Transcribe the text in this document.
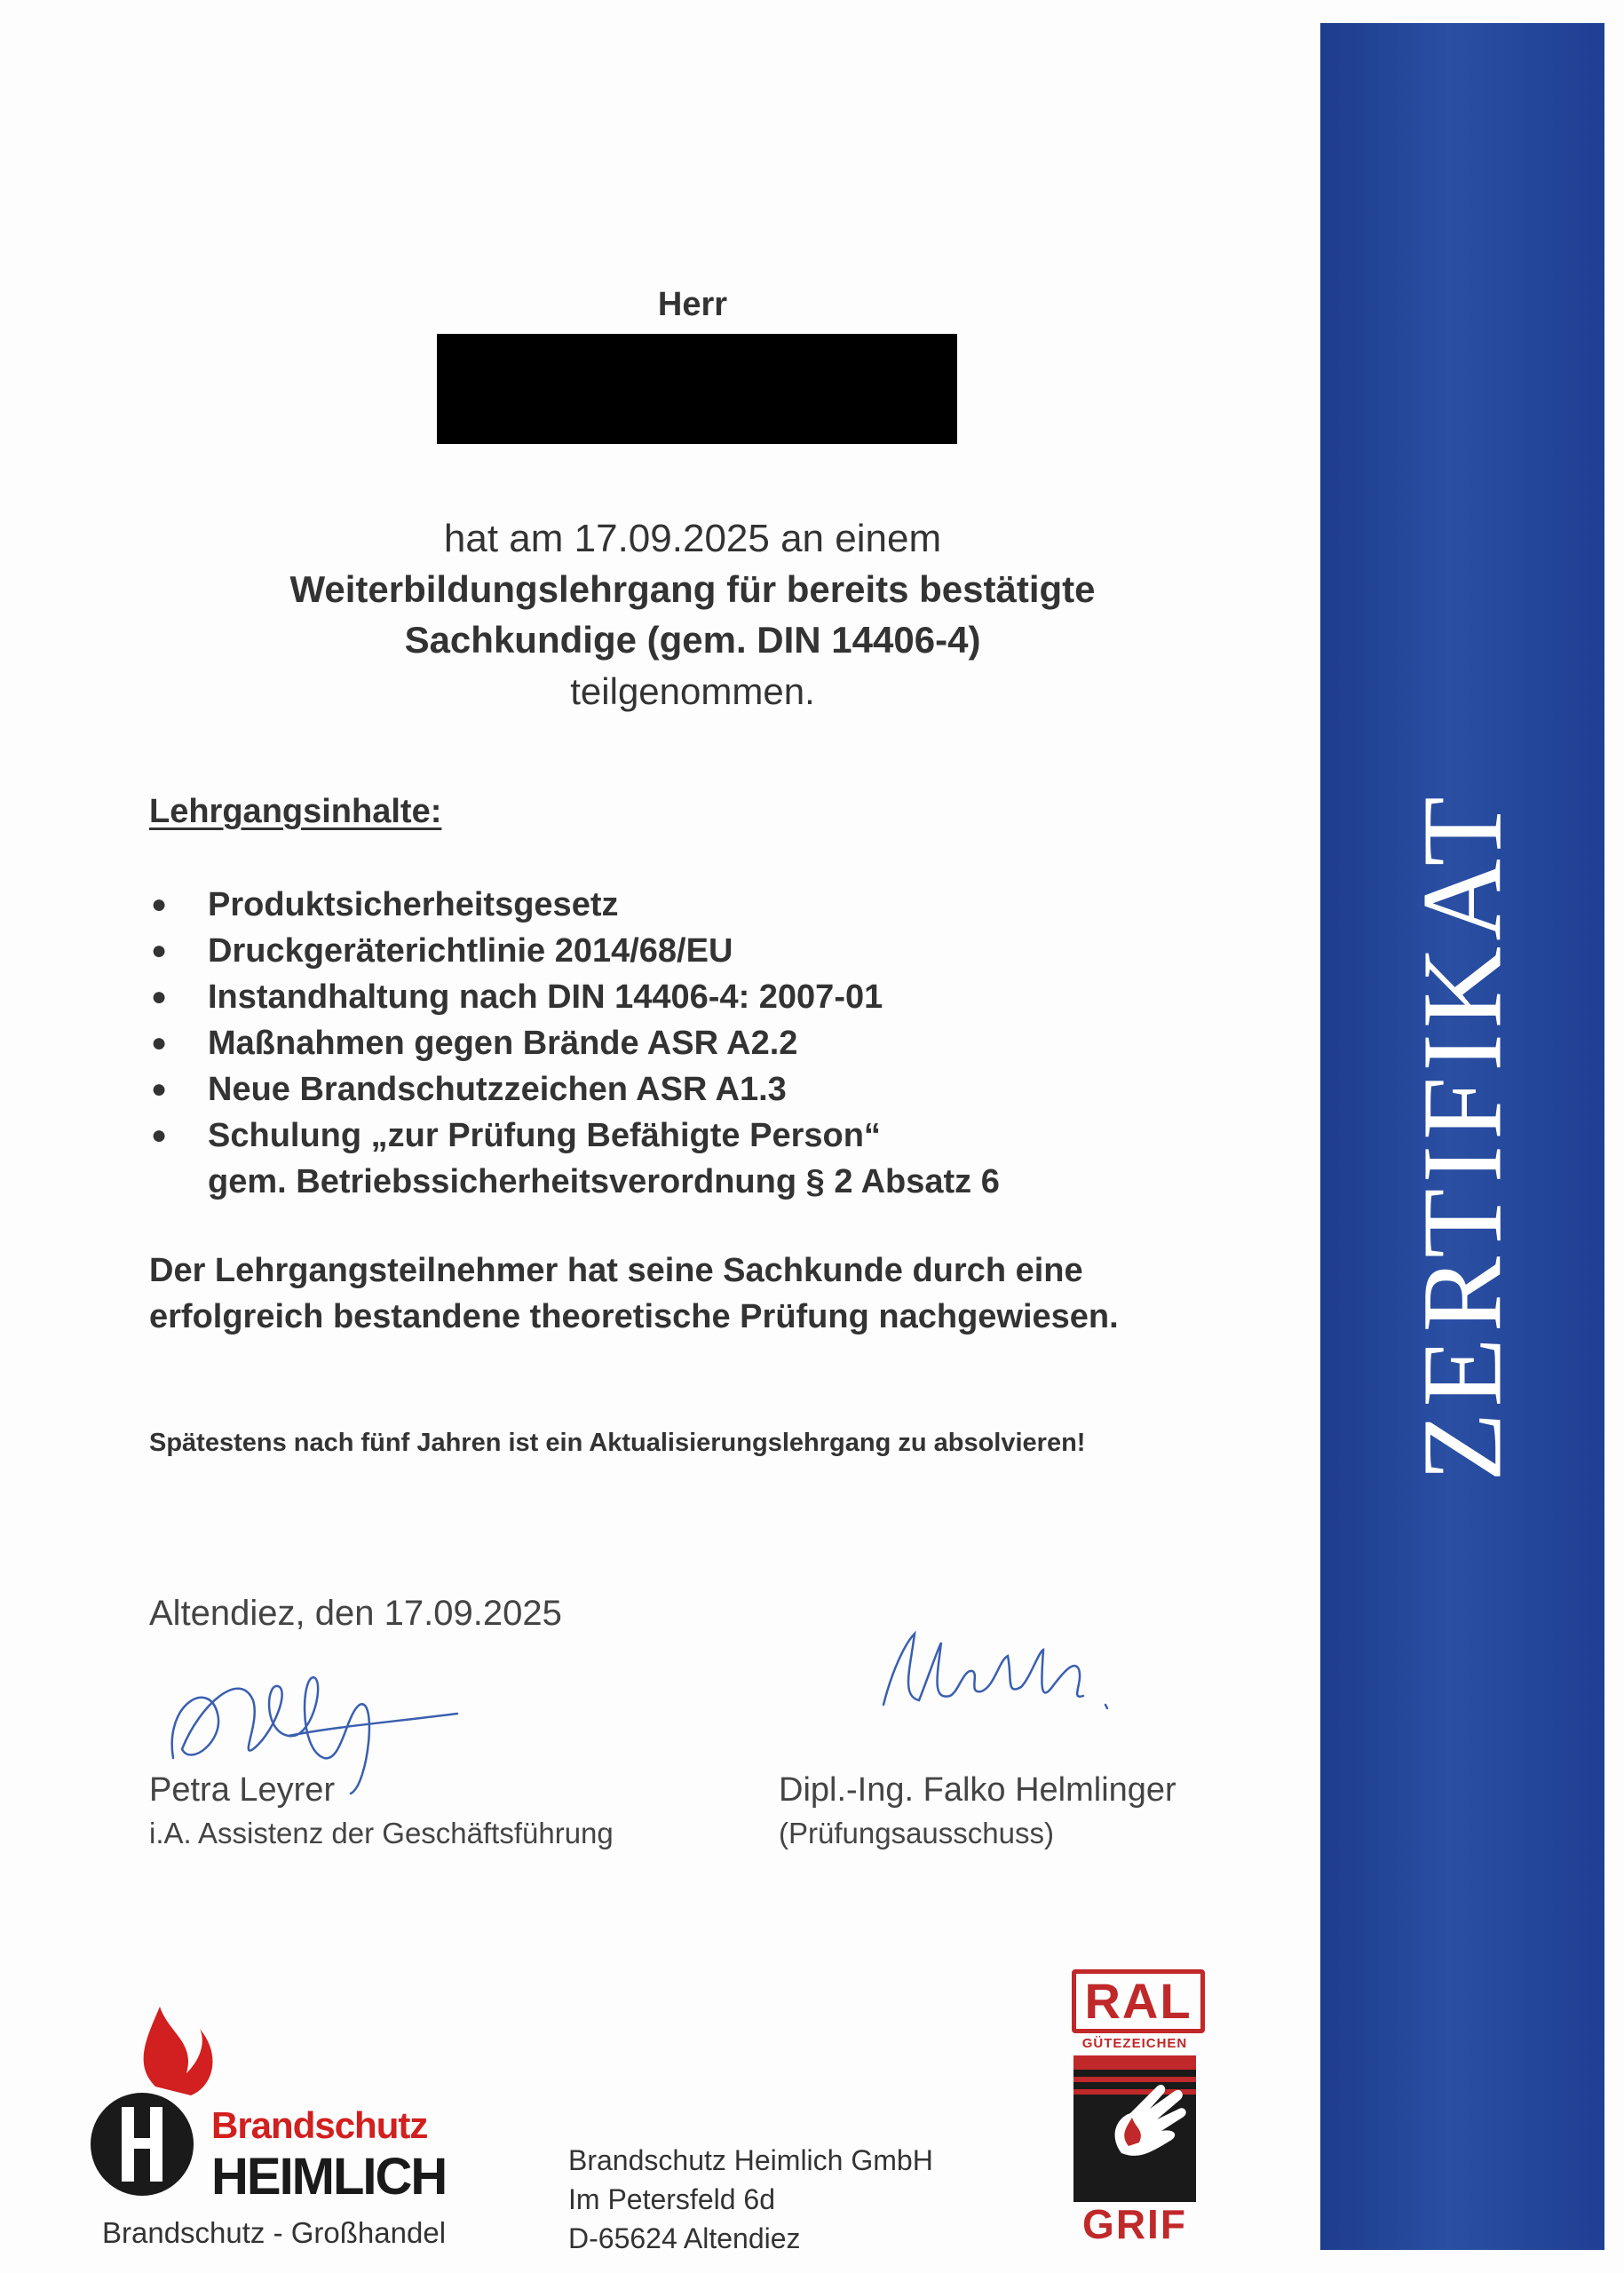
ZERTIFIKAT
Herr
hat am 17.09.2025 an einem
Weiterbildungslehrgang für bereits bestätigte
Sachkundige (gem. DIN 14406-4)
teilgenommen.
Lehrgangsinhalte:
● Produktsicherheitsgesetz
● Druckgeräterichtlinie 2014/68/EU
● Instandhaltung nach DIN 14406-4: 2007-01
● Maßnahmen gegen Brände ASR A2.2
● Neue Brandschutzzeichen ASR A1.3
● Schulung „zur Prüfung Befähigte Person“
gem. Betriebssicherheitsverordnung § 2 Absatz 6
Der Lehrgangsteilnehmer hat seine Sachkunde durch eine erfolgreich bestandene theoretische Prüfung nachgewiesen.
Spätestens nach fünf Jahren ist ein Aktualisierungslehrgang zu absolvieren!
Altendiez, den 17.09.2025
Petra Leyrer
i.A. Assistenz der Geschäftsführung
Dipl.-Ing. Falko Helmlinger
(Prüfungsausschuss)
Brandschutz
HEIMLICH
Brandschutz - Großhandel
Brandschutz Heimlich GmbH
Im Petersfeld 6d
D-65624 Altendiez
RAL
GÜTEZEICHEN
GRIF
